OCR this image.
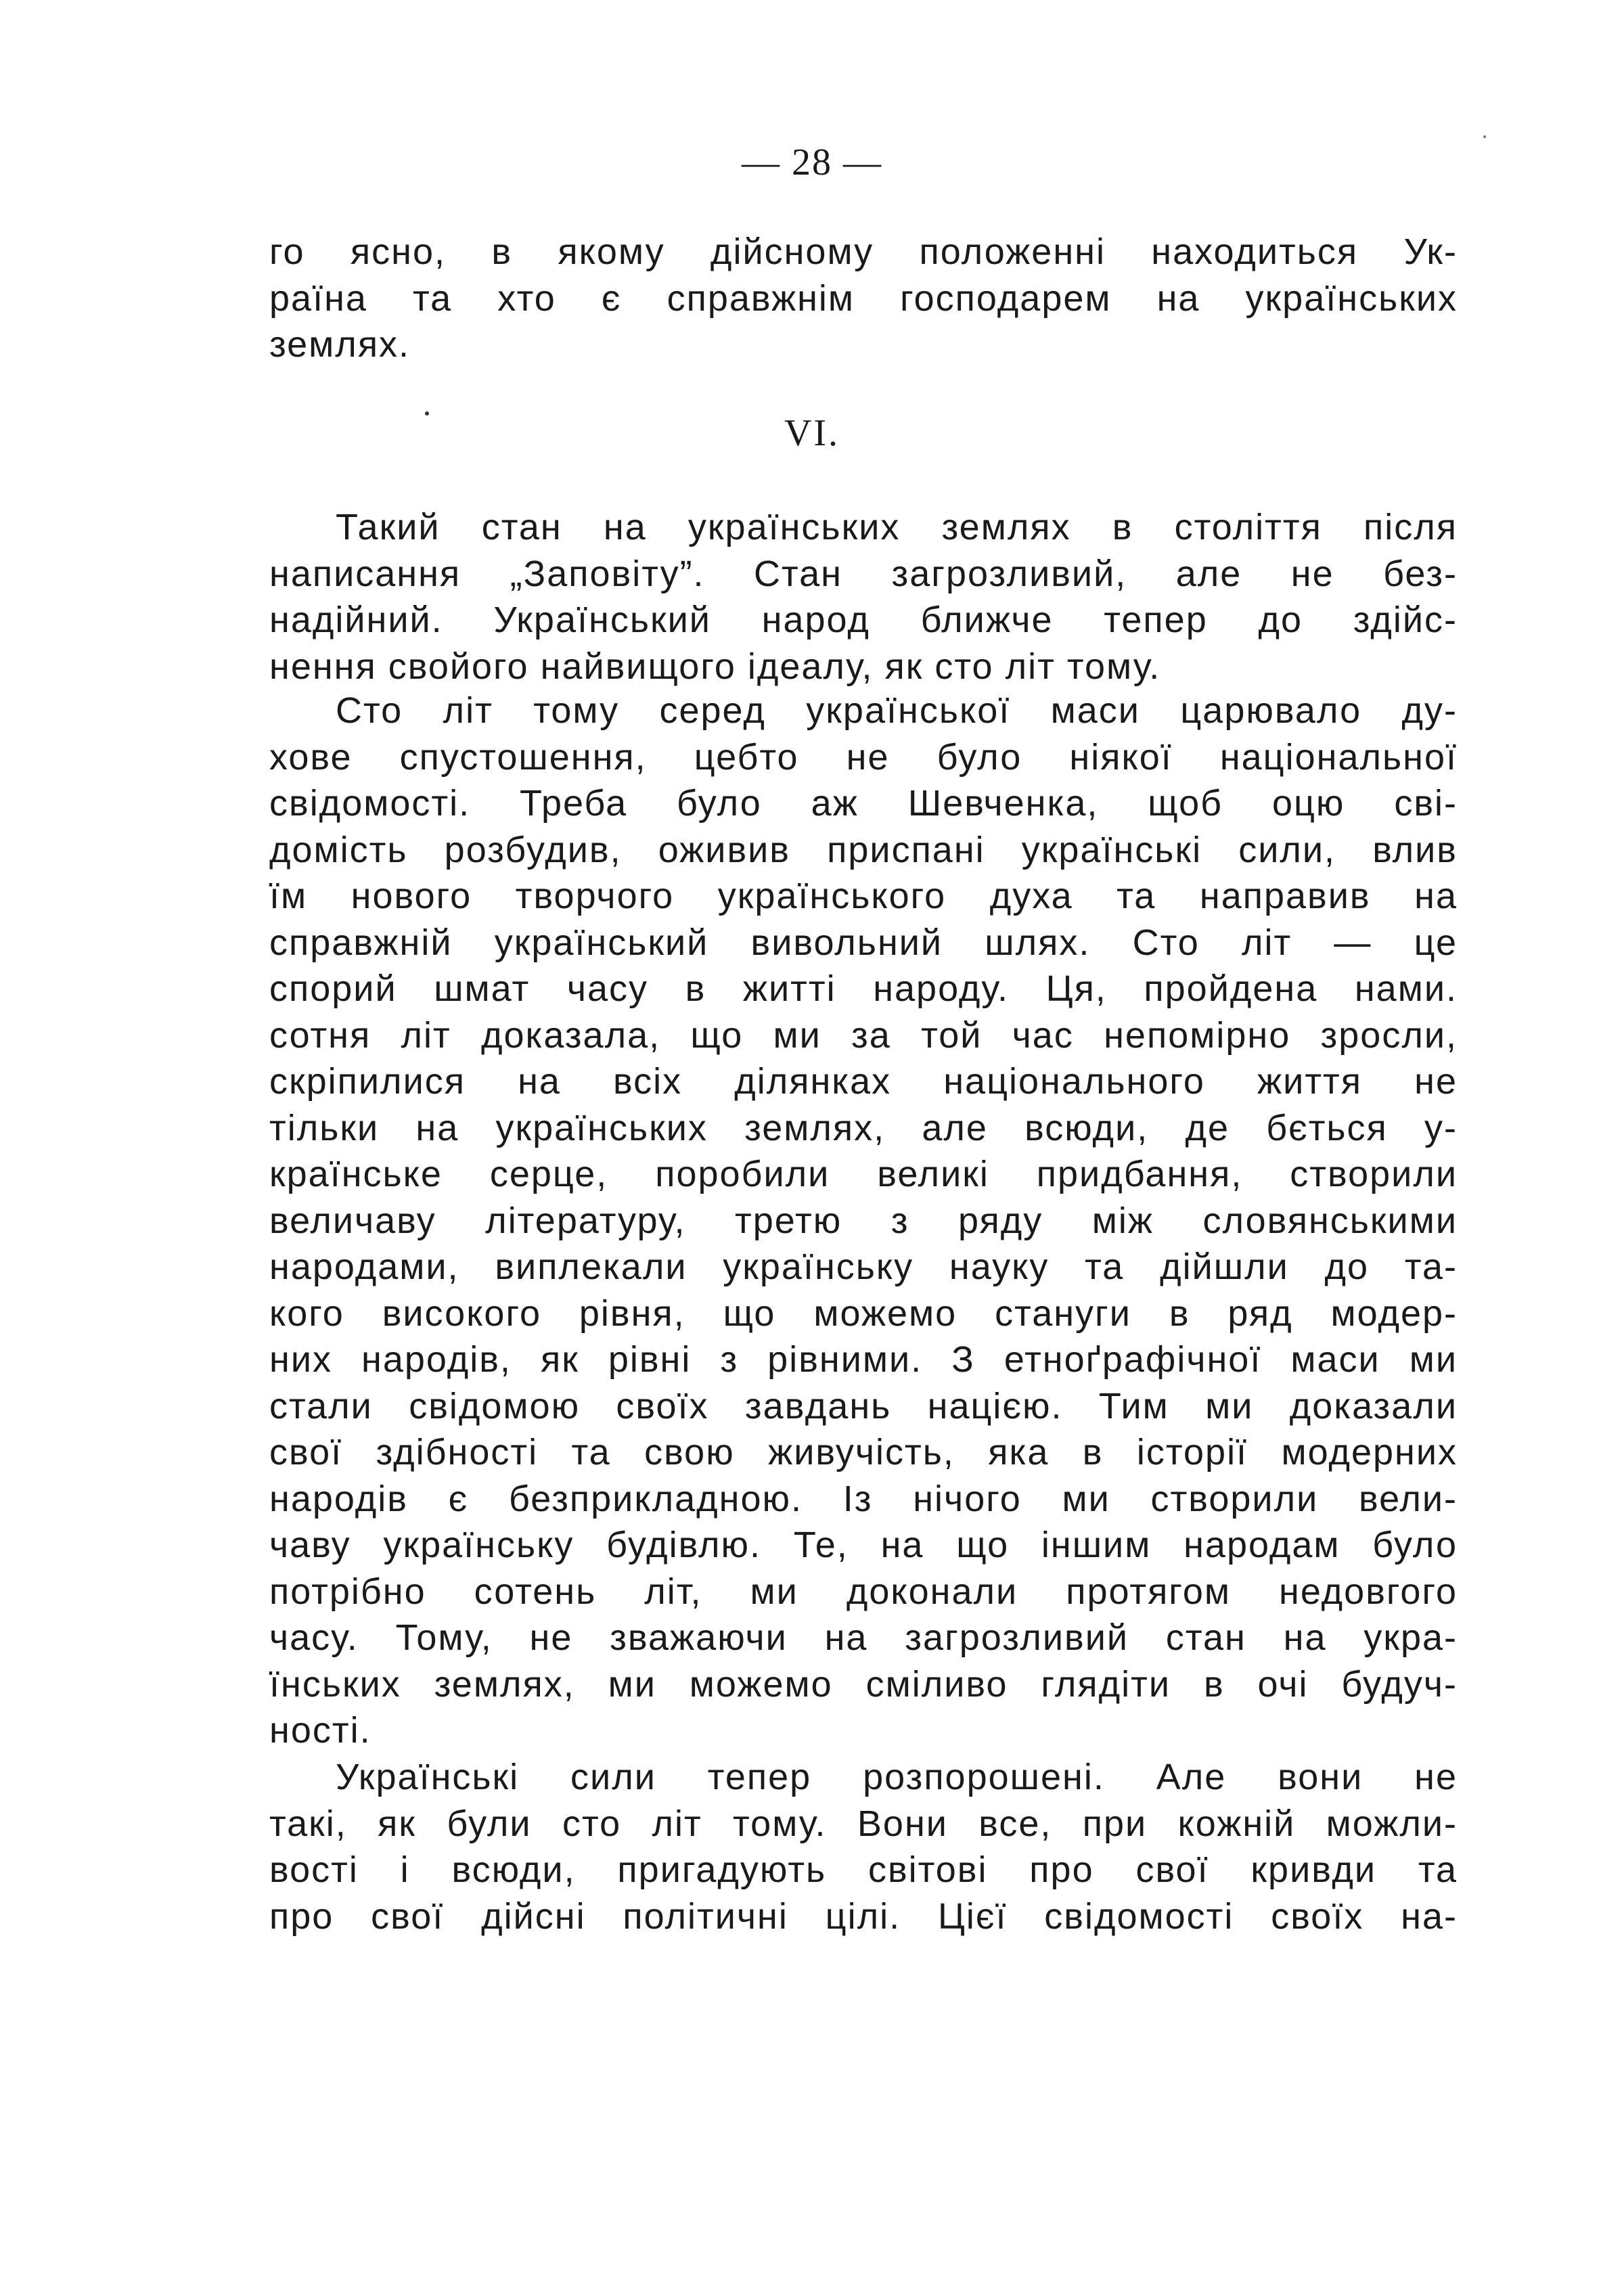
— 28 —
го ясно, в якому дійсному положенні находиться Ук-
раїна та хто є справжнім господарем на українських
землях.
VI.
Такий стан на українських землях в століття після
написання „Заповіту”. Стан загрозливий, але не без-
надійний. Український народ ближче тепер до здійс-
нення свойого найвищого ідеалу, як сто літ тому.
Сто літ тому серед української маси царювало ду-
хове спустошення, цебто не було ніякої національної
свідомості. Треба було аж Шевченка, щоб оцю сві-
домість розбудив, оживив приспані українські сили, влив
їм нового творчого українського духа та направив на
справжній український вивольний шлях. Сто літ — це
спорий шмат часу в житті народу. Ця, пройдена нами.
сотня літ доказала, що ми за той час непомірно зросли,
скріпилися на всіх ділянках національного життя не
тільки на українських землях, але всюди, де бється у-
країнське серце, поробили великі придбання, створили
величаву літературу, третю з ряду між словянськими
народами, виплекали українську науку та дійшли до та-
кого високого рівня, що можемо стануги в ряд модер-
них народів, як рівні з рівними. З етноґрафічної маси ми
стали свідомою своїх завдань нацією. Тим ми доказали
свої здібності та свою живучість, яка в історії модерних
народів є безприкладною. Із нічого ми створили вели-
чаву українську будівлю. Те, на що іншим народам було
потрібно сотень літ, ми доконали протягом недовгого
часу. Тому, не зважаючи на загрозливий стан на укра-
їнських землях, ми можемо сміливо глядіти в очі будуч-
ності.
Українські сили тепер розпорошені. Але вони не
такі, як були сто літ тому. Вони все, при кожній можли-
вості і всюди, пригадують світові про свої кривди та
про свої дійсні політичні цілі. Цієї свідомості своїх на-
